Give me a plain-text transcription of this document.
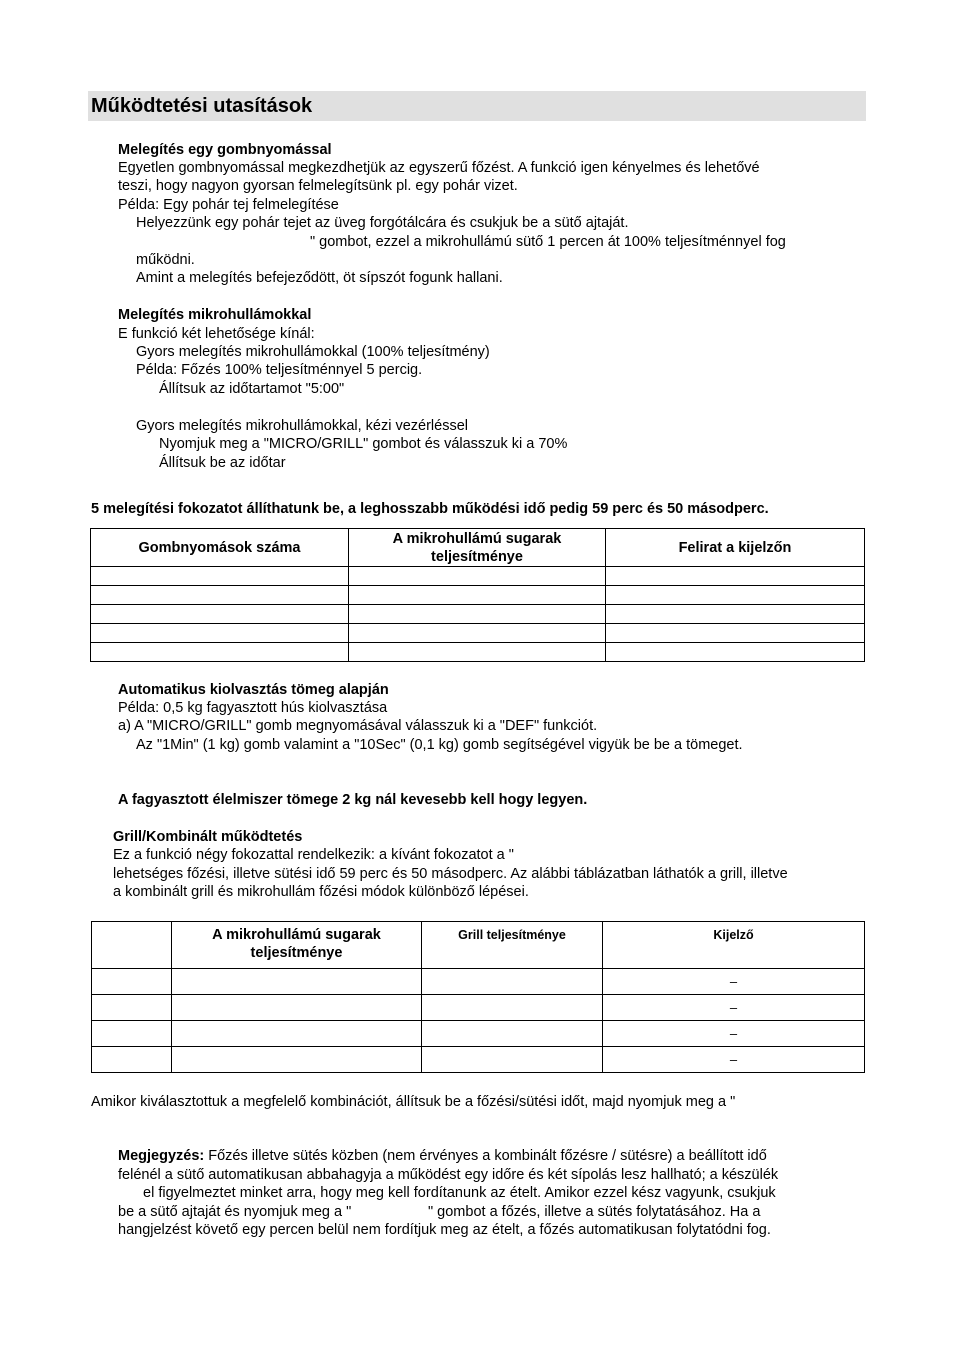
Működtetési utasítások
Melegítés egy gombnyomással
Egyetlen gombnyomással megkezdhetjük az egyszerű főzést. A funkció igen kényelmes és lehetővé
teszi, hogy nagyon gyorsan felmelegítsünk pl. egy pohár vizet.
Példa: Egy pohár tej felmelegítése
Helyezzünk egy pohár tejet az üveg forgótálcára és csukjuk be a sütő ajtaját.
" gombot, ezzel a mikrohullámú sütő 1 percen át 100% teljesítménnyel fog
működni.
Amint a melegítés befejeződött, öt sípszót fogunk hallani.
Melegítés mikrohullámokkal
E funkció két lehetősége kínál:
Gyors melegítés mikrohullámokkal (100% teljesítmény)
Példa: Főzés 100% teljesítménnyel 5 percig.
Állítsuk az időtartamot "5:00"
Gyors melegítés mikrohullámokkal, kézi vezérléssel
Nyomjuk meg a "MICRO/GRILL" gombot és válasszuk ki a 70%
Állítsuk be az időtar
5 melegítési fokozatot állíthatunk be, a leghosszabb működési idő pedig 59 perc és 50 másodperc.
Gombnyomások száma	A mikrohullámú sugarak teljesítménye	Felirat a kijelzőn

Automatikus kiolvasztás tömeg alapján
Példa: 0,5 kg fagyasztott hús kiolvasztása
a) A "MICRO/GRILL" gomb megnyomásával válasszuk ki a "DEF" funkciót.
Az "1Min" (1 kg) gomb valamint a "10Sec" (0,1 kg) gomb segítségével vigyük be be a tömeget.
A fagyasztott élelmiszer tömege 2 kg nál kevesebb kell hogy legyen.
Grill/Kombinált működtetés
Ez a funkció négy fokozattal rendelkezik: a kívánt fokozatot a "
lehetséges főzési, illetve sütési idő 59 perc és 50 másodperc. Az alábbi táblázatban láthatók a grill, illetve
a kombinált grill és mikrohullám főzési módok különböző lépései.
	A mikrohullámú sugarak teljesítménye	Grill teljesítménye	Kijelző
			–
			–
			–
			–
Amikor kiválasztottuk a megfelelő kombinációt, állítsuk be a főzési/sütési időt, majd nyomjuk meg a "
Megjegyzés: Főzés illetve sütés közben (nem érvényes a kombinált főzésre / sütésre) a beállított idő
felénél a sütő automatikusan abbahagyja a működést egy időre és két sípolás lesz hallható; a készülék
el figyelmeztet minket arra, hogy meg kell fordítanunk az ételt. Amikor ezzel kész vagyunk, csukjuk
be a sütő ajtaját és nyomjuk meg a "	" gombot a főzés, illetve a sütés folytatásához. Ha a
hangjelzést követő egy percen belül nem fordítjuk meg az ételt, a főzés automatikusan folytatódni fog.
